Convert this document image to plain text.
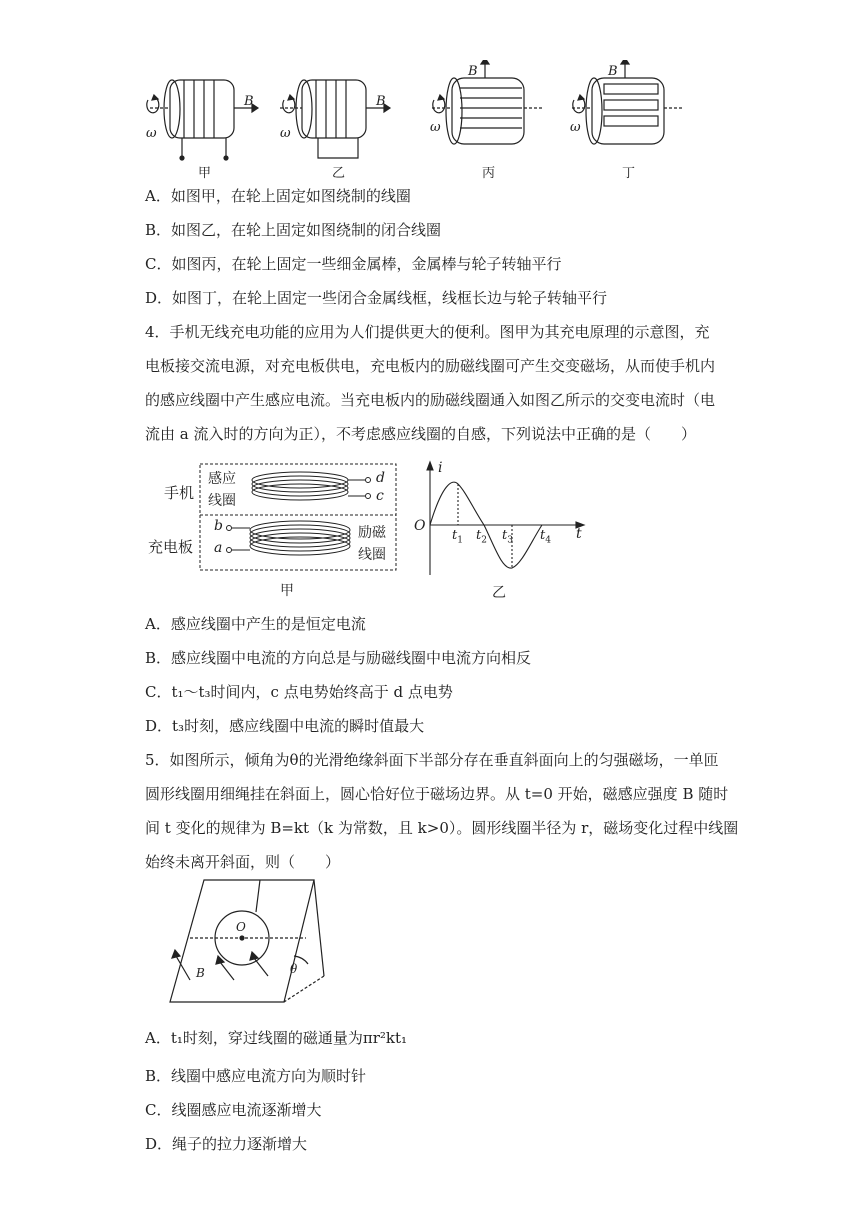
B	B
B	B
ω	ω	ω	ω
甲	乙	丙	丁
A．如图甲，在轮上固定如图绕制的线圈
B．如图乙，在轮上固定如图绕制的闭合线圈
C．如图丙，在轮上固定一些细金属棒，金属棒与轮子转轴平行
D．如图丁，在轮上固定一些闭合金属线框，线框长边与轮子转轴平行
4．手机无线充电功能的应用为人们提供更大的便利。图甲为其充电原理的示意图，充
电板接交流电源，对充电板供电，充电板内的励磁线圈可产生交变磁场，从而使手机内
的感应线圈中产生感应电流。当充电板内的励磁线圈通入如图乙所示的交变电流时（电
流由 a 流入时的方向为正），不考虑感应线圈的自感，下列说法中正确的是（　　）
手机
充电板
感应
线圈
励磁
线圈
d
c
b
a
甲
i
t
O
$t_1$ $t_2$ $t_3$ $t_4$
乙
A．感应线圈中产生的是恒定电流
B．感应线圈中电流的方向总是与励磁线圈中电流方向相反
C．t₁～t₃时间内，c 点电势始终高于 d 点电势
D．t₃时刻，感应线圈中电流的瞬时值最大
5．如图所示，倾角为θ的光滑绝缘斜面下半部分存在垂直斜面向上的匀强磁场，一单匝
圆形线圈用细绳挂在斜面上，圆心恰好位于磁场边界。从 t=0 开始，磁感应强度 B 随时
间 t 变化的规律为 B=kt（k 为常数，且 k>0）。圆形线圈半径为 r，磁场变化过程中线圈
始终未离开斜面，则（　　）
O
B	θ
A．t₁时刻，穿过线圈的磁通量为πr²kt₁
B．线圈中感应电流方向为顺时针
C．线圈感应电流逐渐增大
D．绳子的拉力逐渐增大
